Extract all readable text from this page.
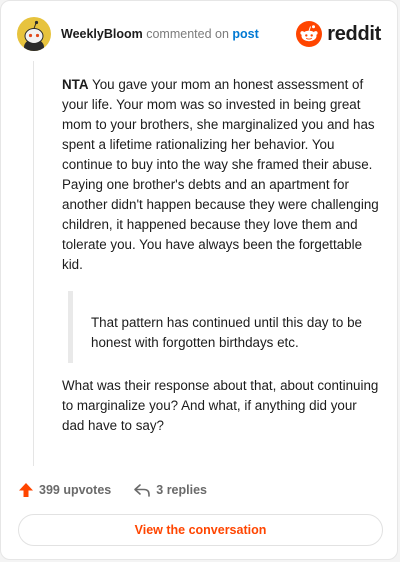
WeeklyBloom commented on post	reddit

NTA You gave your mom an honest assessment of your life. Your mom was so invested in being great mom to your brothers, she marginalized you and has spent a lifetime rationalizing her behavior. You continue to buy into the way she framed their abuse. Paying one brother's debts and an apartment for another didn't happen because they were challenging children, it happened because they love them and tolerate you. You have always been the forgettable kid.

That pattern has continued until this day to be honest with forgotten birthdays etc.

What was their response about that, about continuing to marginalize you? And what, if anything did your dad have to say?

399 upvotes	3 replies
View the conversation
